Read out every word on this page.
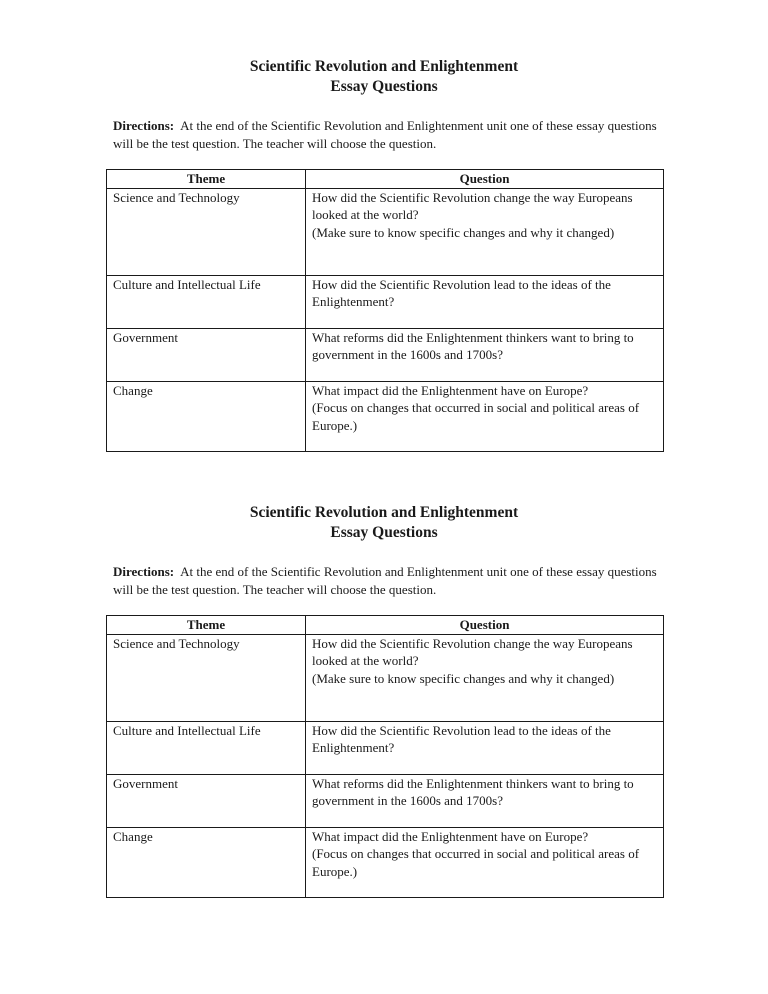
Scientific Revolution and Enlightenment

Essay Questions

Directions: At the end of the Scientific Revolution and Enlightenment unit one of these essay questions will be the test question. The teacher will choose the question.

Theme	Question
Science and Technology	How did the Scientific Revolution change the way Europeans looked at the world?
(Make sure to know specific changes and why it changed)
Culture and Intellectual Life	How did the Scientific Revolution lead to the ideas of the Enlightenment?
Government	What reforms did the Enlightenment thinkers want to bring to government in the 1600s and 1700s?
Change	What impact did the Enlightenment have on Europe?
(Focus on changes that occurred in social and political areas of Europe.)

Scientific Revolution and Enlightenment

Essay Questions

Directions: At the end of the Scientific Revolution and Enlightenment unit one of these essay questions will be the test question. The teacher will choose the question.

Theme	Question
Science and Technology	How did the Scientific Revolution change the way Europeans looked at the world?
(Make sure to know specific changes and why it changed)
Culture and Intellectual Life	How did the Scientific Revolution lead to the ideas of the Enlightenment?
Government	What reforms did the Enlightenment thinkers want to bring to government in the 1600s and 1700s?
Change	What impact did the Enlightenment have on Europe?
(Focus on changes that occurred in social and political areas of Europe.)
